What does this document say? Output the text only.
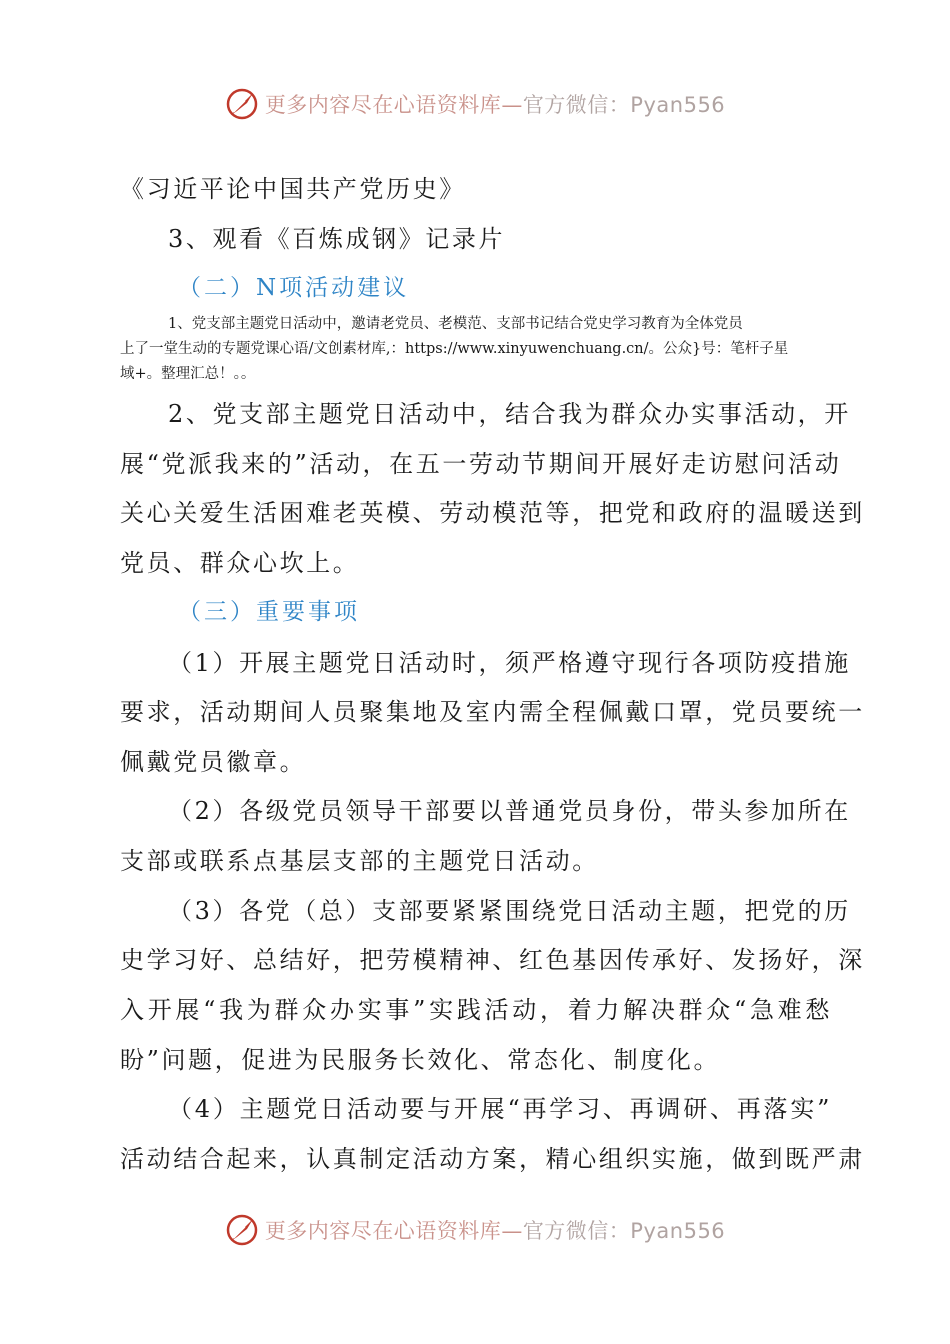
更多内容尽在心语资料库—官方微信：Pyan556
《习近平论中国共产党历史》
3、观看《百炼成钢》记录片
（二）N项活动建议
1、党支部主题党日活动中，邀请老党员、老模范、支部书记结合党史学习教育为全体党员
上了一堂生动的专题党课心语/文创素材库,：https://www.xinyuwenchuang.cn/。公众}号：笔杆子星
域+。整理汇总！。。
2、党支部主题党日活动中，结合我为群众办实事活动，开
展“党派我来的”活动，在五一劳动节期间开展好走访慰问活动
关心关爱生活困难老英模、劳动模范等，把党和政府的温暖送到
党员、群众心坎上。
（三）重要事项
（1）开展主题党日活动时，须严格遵守现行各项防疫措施
要求，活动期间人员聚集地及室内需全程佩戴口罩，党员要统一
佩戴党员徽章。
（2）各级党员领导干部要以普通党员身份，带头参加所在
支部或联系点基层支部的主题党日活动。
（3）各党（总）支部要紧紧围绕党日活动主题，把党的历
史学习好、总结好，把劳模精神、红色基因传承好、发扬好，深
入开展“我为群众办实事”实践活动，着力解决群众“急难愁
盼”问题，促进为民服务长效化、常态化、制度化。
（4）主题党日活动要与开展“再学习、再调研、再落实”
活动结合起来，认真制定活动方案，精心组织实施，做到既严肃
更多内容尽在心语资料库—官方微信：Pyan556
